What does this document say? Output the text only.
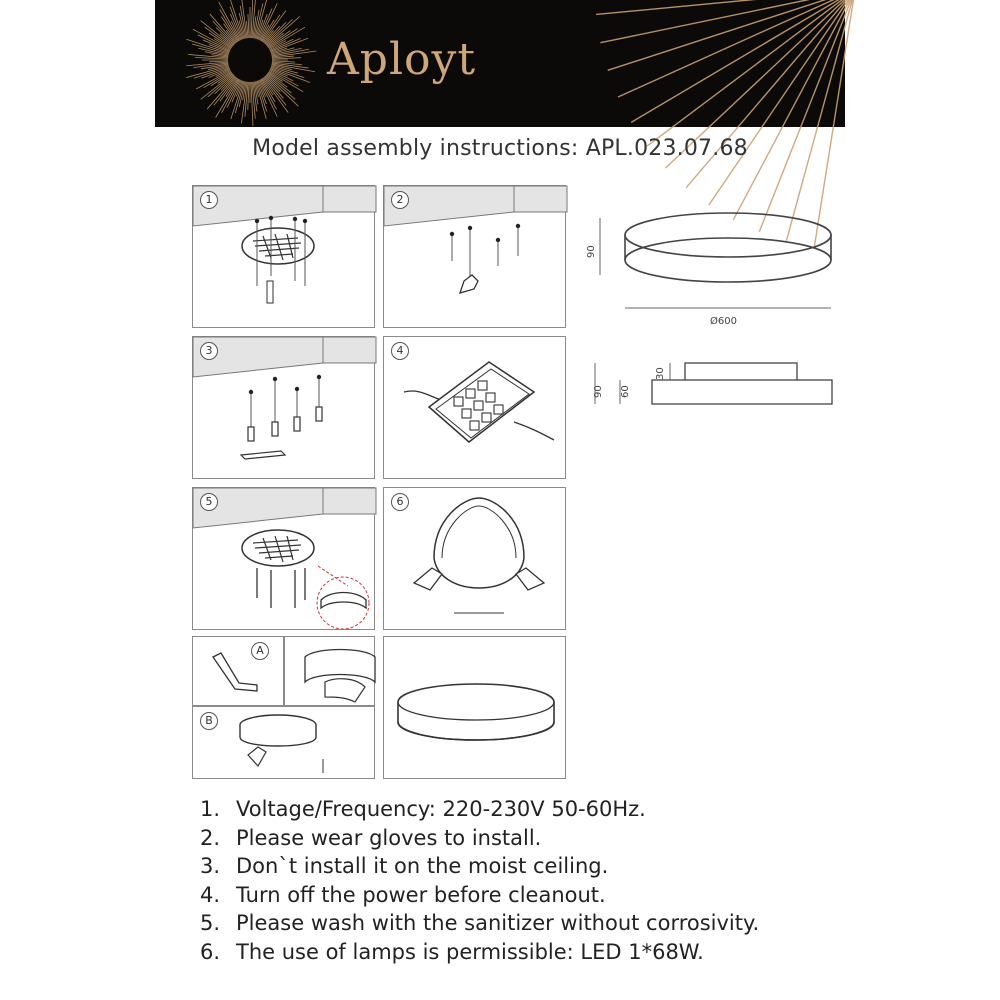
Aployt
Model assembly instructions: APL.023.07.68
1	2
90
Ø600
90 60
30
3	4
5	6
A
B
1. Voltage/Frequency: 220-230V 50-60Hz.
2. Please wear gloves to install.
3. Don`t install it on the moist ceiling.
4. Turn off the power before cleanout.
5. Please wash with the sanitizer without corrosivity.
6. The use of lamps is permissible: LED 1*68W.
